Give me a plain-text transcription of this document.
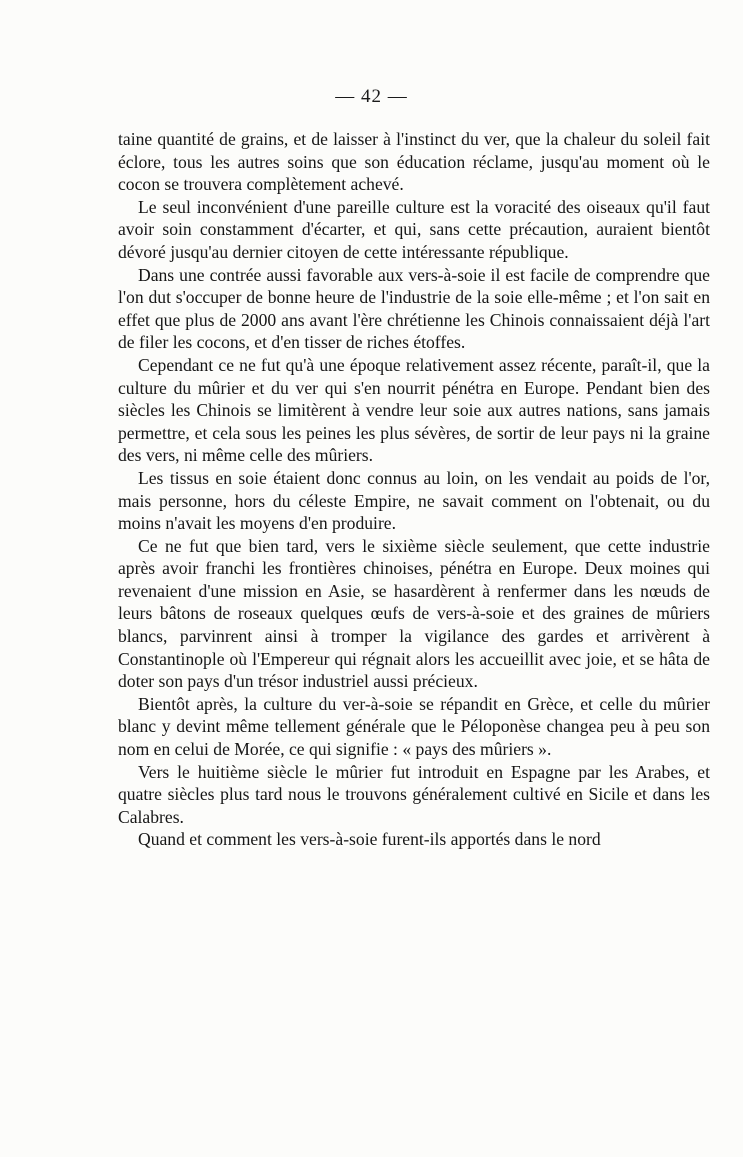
— 42 —

taine quantité de grains, et de laisser à l'instinct du ver, que la chaleur du soleil fait éclore, tous les autres soins que son éducation réclame, jusqu'au moment où le cocon se trouvera complètement achevé.

Le seul inconvénient d'une pareille culture est la voracité des oiseaux qu'il faut avoir soin constamment d'écarter, et qui, sans cette précaution, auraient bientôt dévoré jusqu'au dernier citoyen de cette intéressante république.

Dans une contrée aussi favorable aux vers-à-soie il est facile de comprendre que l'on dut s'occuper de bonne heure de l'industrie de la soie elle-même ; et l'on sait en effet que plus de 2000 ans avant l'ère chrétienne les Chinois connaissaient déjà l'art de filer les cocons, et d'en tisser de riches étoffes.

Cependant ce ne fut qu'à une époque relativement assez récente, paraît-il, que la culture du mûrier et du ver qui s'en nourrit pénétra en Europe. Pendant bien des siècles les Chinois se limitèrent à vendre leur soie aux autres nations, sans jamais permettre, et cela sous les peines les plus sévères, de sortir de leur pays ni la graine des vers, ni même celle des mûriers.

Les tissus en soie étaient donc connus au loin, on les vendait au poids de l'or, mais personne, hors du céleste Empire, ne savait comment on l'obtenait, ou du moins n'avait les moyens d'en produire.

Ce ne fut que bien tard, vers le sixième siècle seulement, que cette industrie après avoir franchi les frontières chinoises, pénétra en Europe. Deux moines qui revenaient d'une mission en Asie, se hasardèrent à renfermer dans les nœuds de leurs bâtons de roseaux quelques œufs de vers-à-soie et des graines de mûriers blancs, parvinrent ainsi à tromper la vigilance des gardes et arrivèrent à Constantinople où l'Empereur qui régnait alors les accueillit avec joie, et se hâta de doter son pays d'un trésor industriel aussi précieux.

Bientôt après, la culture du ver-à-soie se répandit en Grèce, et celle du mûrier blanc y devint même tellement générale que le Péloponèse changea peu à peu son nom en celui de Morée, ce qui signifie : « pays des mûriers ».

Vers le huitième siècle le mûrier fut introduit en Espagne par les Arabes, et quatre siècles plus tard nous le trouvons généralement cultivé en Sicile et dans les Calabres.

Quand et comment les vers-à-soie furent-ils apportés dans le nord
